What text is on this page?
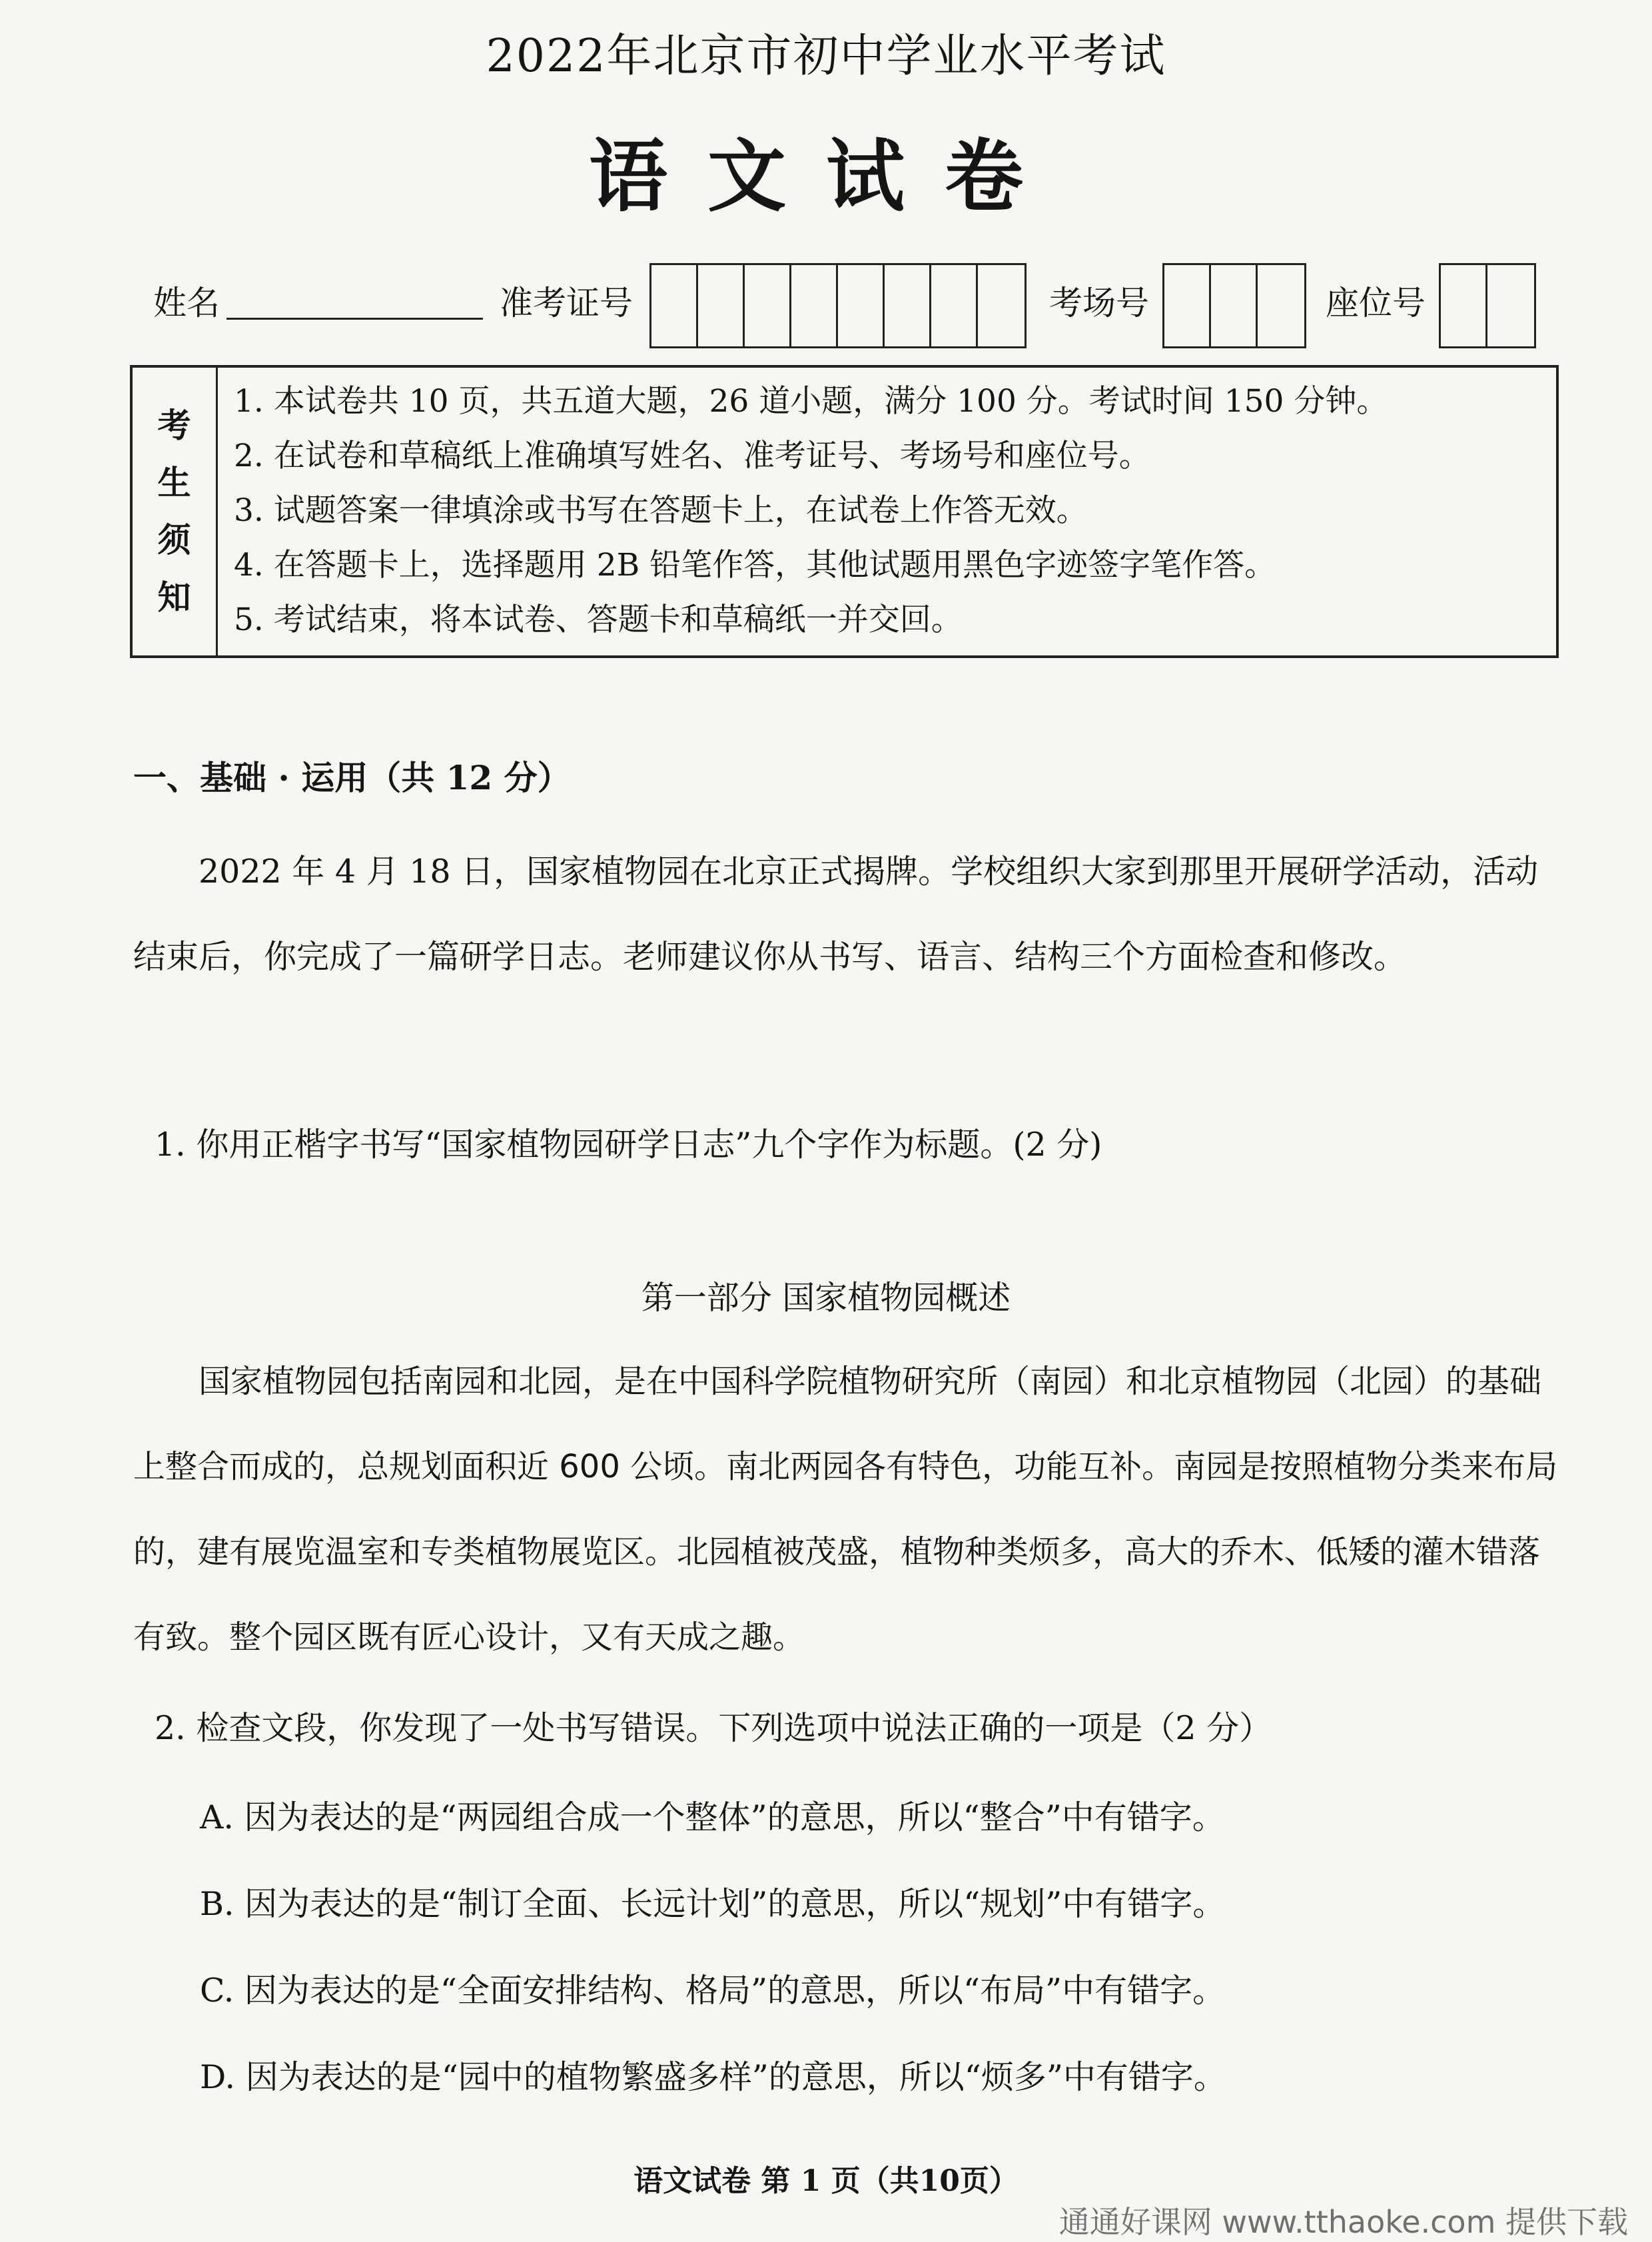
2022年北京市初中学业水平考试
语文试卷
姓名	准考证号	考场号	座位号
考
生
须
知
1. 本试卷共 10 页，共五道大题，26 道小题，满分 100 分。考试时间 150 分钟。
2. 在试卷和草稿纸上准确填写姓名、准考证号、考场号和座位号。
3. 试题答案一律填涂或书写在答题卡上，在试卷上作答无效。
4. 在答题卡上，选择题用 2B 铅笔作答，其他试题用黑色字迹签字笔作答。
5. 考试结束，将本试卷、答题卡和草稿纸一并交回。
一、基础 · 运用（共 12 分）
2022 年 4 月 18 日，国家植物园在北京正式揭牌。学校组织大家到那里开展研学活动，活动结束后，你完成了一篇研学日志。老师建议你从书写、语言、结构三个方面检查和修改。
1. 你用正楷字书写“国家植物园研学日志”九个字作为标题。(2 分)
第一部分 国家植物园概述
国家植物园包括南园和北园，是在中国科学院植物研究所（南园）和北京植物园（北园）的基础上整合而成的，总规划面积近 600 公顷。南北两园各有特色，功能互补。南园是按照植物分类来布局的，建有展览温室和专类植物展览区。北园植被茂盛，植物种类烦多，高大的乔木、低矮的灌木错落有致。整个园区既有匠心设计，又有天成之趣。
2. 检查文段，你发现了一处书写错误。下列选项中说法正确的一项是（2 分）
A. 因为表达的是“两园组合成一个整体”的意思，所以“整合”中有错字。
B. 因为表达的是“制订全面、长远计划”的意思，所以“规划”中有错字。
C. 因为表达的是“全面安排结构、格局”的意思，所以“布局”中有错字。
D. 因为表达的是“园中的植物繁盛多样”的意思，所以“烦多”中有错字。
语文试卷 第 1 页（共10页）
通通好课网 www.tthaoke.com 提供下载
